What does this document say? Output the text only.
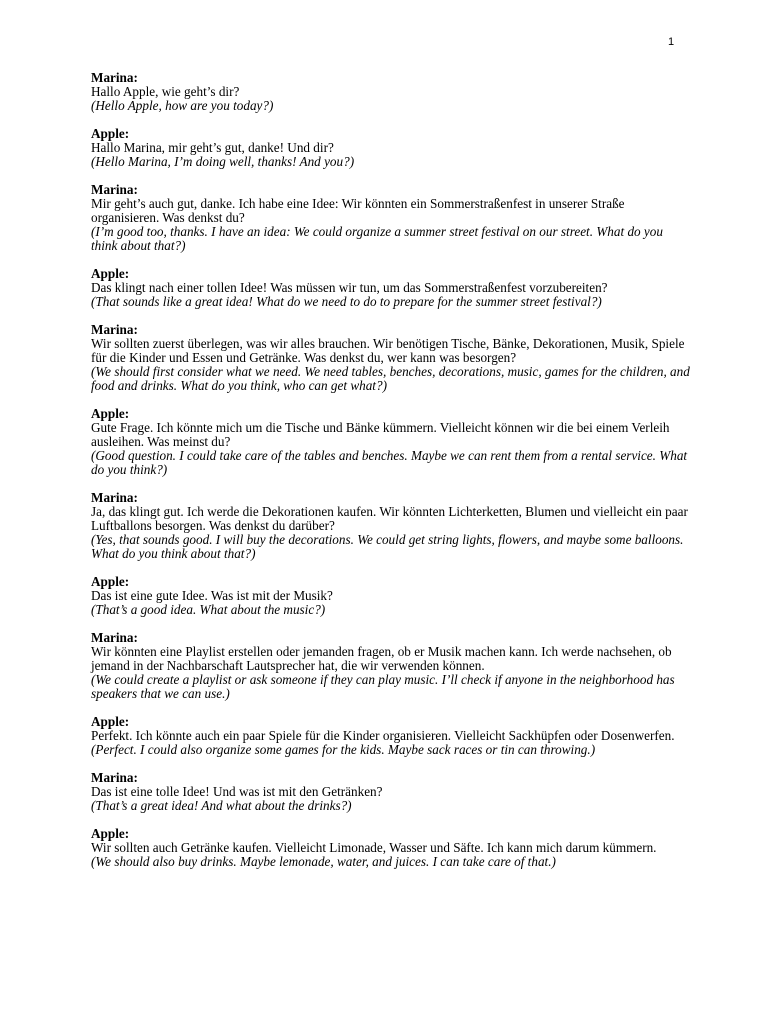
1
Marina:
Hallo Apple, wie geht’s dir?
(Hello Apple, how are you today?)
Apple:
Hallo Marina, mir geht’s gut, danke! Und dir?
(Hello Marina, I’m doing well, thanks! And you?)
Marina:
Mir geht’s auch gut, danke. Ich habe eine Idee: Wir könnten ein Sommerstraßenfest in unserer Straße organisieren. Was denkst du?
(I’m good too, thanks. I have an idea: We could organize a summer street festival on our street. What do you think about that?)
Apple:
Das klingt nach einer tollen Idee! Was müssen wir tun, um das Sommerstraßenfest vorzubereiten?
(That sounds like a great idea! What do we need to do to prepare for the summer street festival?)
Marina:
Wir sollten zuerst überlegen, was wir alles brauchen. Wir benötigen Tische, Bänke, Dekorationen, Musik, Spiele für die Kinder und Essen und Getränke. Was denkst du, wer kann was besorgen?
(We should first consider what we need. We need tables, benches, decorations, music, games for the children, and food and drinks. What do you think, who can get what?)
Apple:
Gute Frage. Ich könnte mich um die Tische und Bänke kümmern. Vielleicht können wir die bei einem Verleih ausleihen. Was meinst du?
(Good question. I could take care of the tables and benches. Maybe we can rent them from a rental service. What do you think?)
Marina:
Ja, das klingt gut. Ich werde die Dekorationen kaufen. Wir könnten Lichterketten, Blumen und vielleicht ein paar Luftballons besorgen. Was denkst du darüber?
(Yes, that sounds good. I will buy the decorations. We could get string lights, flowers, and maybe some balloons. What do you think about that?)
Apple:
Das ist eine gute Idee. Was ist mit der Musik?
(That’s a good idea. What about the music?)
Marina:
Wir könnten eine Playlist erstellen oder jemanden fragen, ob er Musik machen kann. Ich werde nachsehen, ob jemand in der Nachbarschaft Lautsprecher hat, die wir verwenden können.
(We could create a playlist or ask someone if they can play music. I’ll check if anyone in the neighborhood has speakers that we can use.)
Apple:
Perfekt. Ich könnte auch ein paar Spiele für die Kinder organisieren. Vielleicht Sackhüpfen oder Dosenwerfen.
(Perfect. I could also organize some games for the kids. Maybe sack races or tin can throwing.)
Marina:
Das ist eine tolle Idee! Und was ist mit den Getränken?
(That’s a great idea! And what about the drinks?)
Apple:
Wir sollten auch Getränke kaufen. Vielleicht Limonade, Wasser und Säfte. Ich kann mich darum kümmern.
(We should also buy drinks. Maybe lemonade, water, and juices. I can take care of that.)
